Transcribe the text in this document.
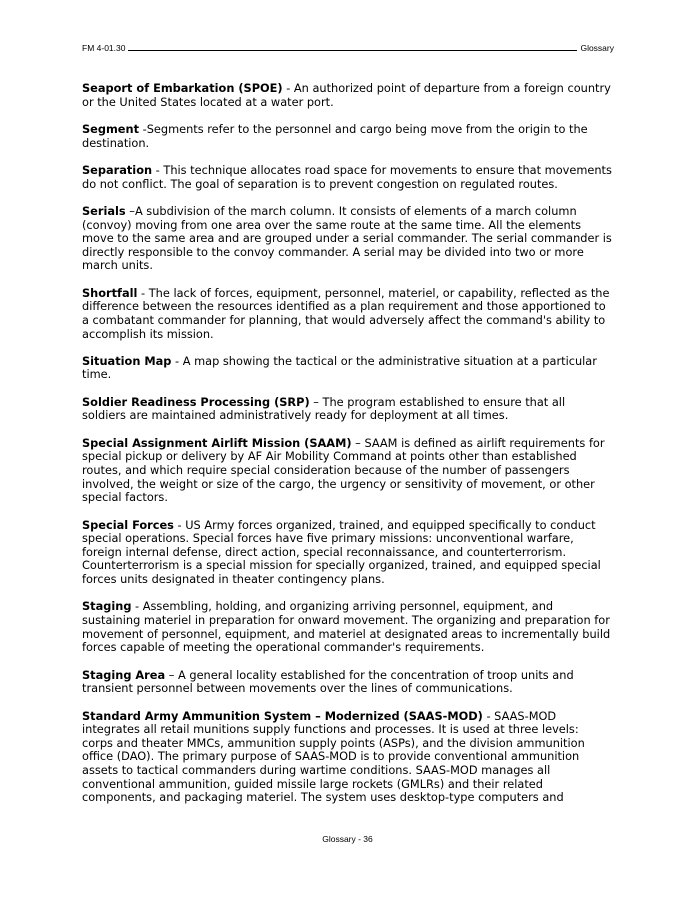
FM 4-01.30	Glossary

Seaport of Embarkation (SPOE) - An authorized point of departure from a foreign country or the United States located at a water port.

Segment -Segments refer to the personnel and cargo being move from the origin to the destination.

Separation - This technique allocates road space for movements to ensure that movements do not conflict. The goal of separation is to prevent congestion on regulated routes.

Serials –A subdivision of the march column. It consists of elements of a march column (convoy) moving from one area over the same route at the same time. All the elements move to the same area and are grouped under a serial commander. The serial commander is directly responsible to the convoy commander. A serial may be divided into two or more march units.

Shortfall - The lack of forces, equipment, personnel, materiel, or capability, reflected as the difference between the resources identified as a plan requirement and those apportioned to a combatant commander for planning, that would adversely affect the command's ability to accomplish its mission.

Situation Map - A map showing the tactical or the administrative situation at a particular time.

Soldier Readiness Processing (SRP) – The program established to ensure that all soldiers are maintained administratively ready for deployment at all times.

Special Assignment Airlift Mission (SAAM) – SAAM is defined as airlift requirements for special pickup or delivery by AF Air Mobility Command at points other than established routes, and which require special consideration because of the number of passengers involved, the weight or size of the cargo, the urgency or sensitivity of movement, or other special factors.

Special Forces - US Army forces organized, trained, and equipped specifically to conduct special operations. Special forces have five primary missions: unconventional warfare, foreign internal defense, direct action, special reconnaissance, and counterterrorism. Counterterrorism is a special mission for specially organized, trained, and equipped special forces units designated in theater contingency plans.

Staging - Assembling, holding, and organizing arriving personnel, equipment, and sustaining materiel in preparation for onward movement. The organizing and preparation for movement of personnel, equipment, and materiel at designated areas to incrementally build forces capable of meeting the operational commander's requirements.

Staging Area – A general locality established for the concentration of troop units and transient personnel between movements over the lines of communications.

Standard Army Ammunition System – Modernized (SAAS-MOD) - SAAS-MOD integrates all retail munitions supply functions and processes. It is used at three levels: corps and theater MMCs, ammunition supply points (ASPs), and the division ammunition office (DAO). The primary purpose of SAAS-MOD is to provide conventional ammunition assets to tactical commanders during wartime conditions. SAAS-MOD manages all conventional ammunition, guided missile large rockets (GMLRs) and their related components, and packaging materiel. The system uses desktop-type computers and

Glossary - 36
